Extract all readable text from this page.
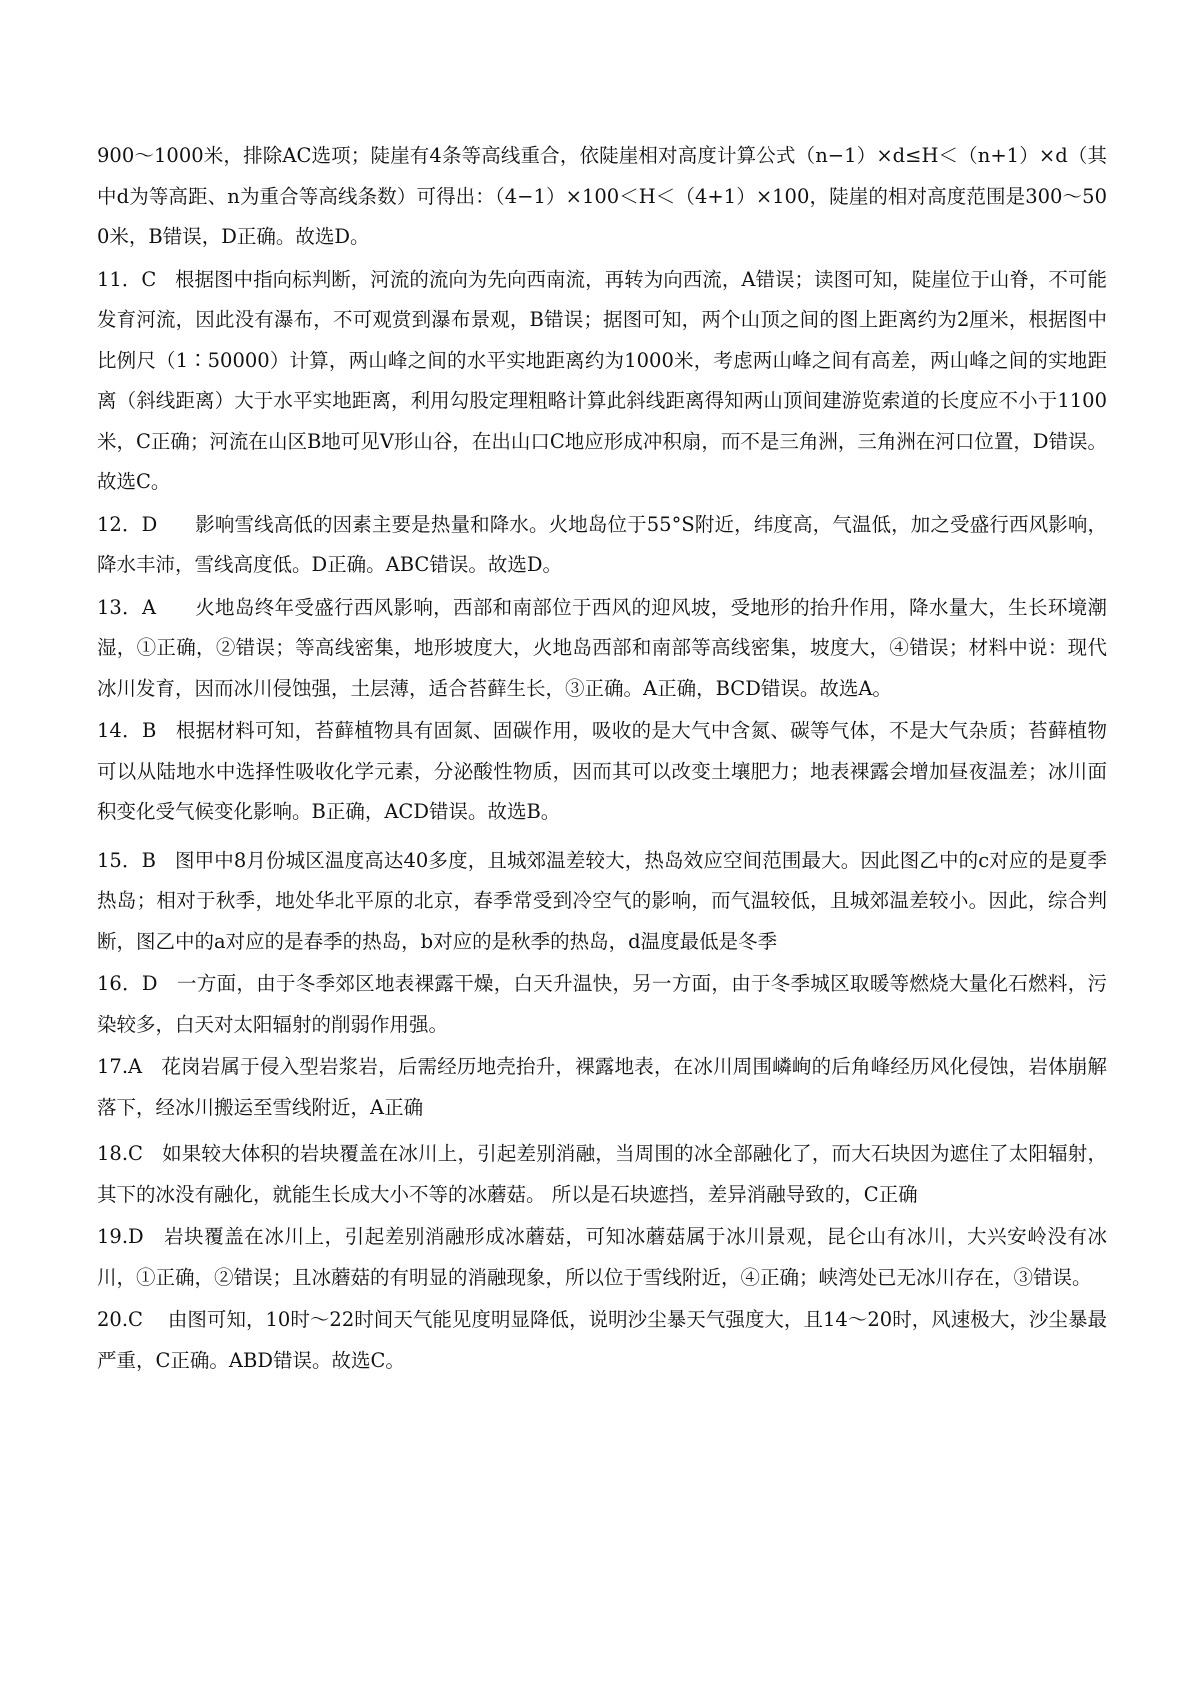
900～1000米，排除AC选项；陡崖有4条等高线重合，依陡崖相对高度计算公式（n−1）×d≤H＜（n+1）×d（其中d为等高距、n为重合等高线条数）可得出：（4−1）×100＜H＜（4+1）×100，陡崖的相对高度范围是300～500米，B错误，D正确。故选D。

11．C 根据图中指向标判断，河流的流向为先向西南流，再转为向西流，A错误；读图可知，陡崖位于山脊，不可能发育河流，因此没有瀑布，不可观赏到瀑布景观，B错误；据图可知，两个山顶之间的图上距离约为2厘米，根据图中比例尺（1∶50000）计算，两山峰之间的水平实地距离约为1000米，考虑两山峰之间有高差，两山峰之间的实地距离（斜线距离）大于水平实地距离，利用勾股定理粗略计算此斜线距离得知两山顶间建游览索道的长度应不小于1100米，C正确；河流在山区B地可见V形山谷，在出山口C地应形成冲积扇，而不是三角洲，三角洲在河口位置，D错误。故选C。

12．D 影响雪线高低的因素主要是热量和降水。火地岛位于55°S附近，纬度高，气温低，加之受盛行西风影响，降水丰沛，雪线高度低。D正确。ABC错误。故选D。

13．A 火地岛终年受盛行西风影响，西部和南部位于西风的迎风坡，受地形的抬升作用，降水量大，生长环境潮湿，①正确，②错误；等高线密集，地形坡度大，火地岛西部和南部等高线密集，坡度大，④错误；材料中说：现代冰川发育，因而冰川侵蚀强，土层薄，适合苔藓生长，③正确。A正确，BCD错误。故选A。

14．B 根据材料可知，苔藓植物具有固氮、固碳作用，吸收的是大气中含氮、碳等气体，不是大气杂质；苔藓植物可以从陆地水中选择性吸收化学元素，分泌酸性物质，因而其可以改变土壤肥力；地表裸露会增加昼夜温差；冰川面积变化受气候变化影响。B正确，ACD错误。故选B。

15．B 图甲中8月份城区温度高达40多度，且城郊温差较大，热岛效应空间范围最大。因此图乙中的c对应的是夏季热岛；相对于秋季，地处华北平原的北京，春季常受到冷空气的影响，而气温较低，且城郊温差较小。因此，综合判断，图乙中的a对应的是春季的热岛，b对应的是秋季的热岛，d温度最低是冬季

16．D 一方面，由于冬季郊区地表裸露干燥，白天升温快，另一方面，由于冬季城区取暖等燃烧大量化石燃料，污染较多，白天对太阳辐射的削弱作用强。

17.A 花岗岩属于侵入型岩浆岩，后需经历地壳抬升，裸露地表，在冰川周围嶙峋的后角峰经历风化侵蚀，岩体崩解落下，经冰川搬运至雪线附近，A正确

18.C 如果较大体积的岩块覆盖在冰川上，引起差别消融，当周围的冰全部融化了，而大石块因为遮住了太阳辐射，其下的冰没有融化，就能生长成大小不等的冰蘑菇。 所以是石块遮挡，差异消融导致的，C正确

19.D 岩块覆盖在冰川上，引起差别消融形成冰蘑菇，可知冰蘑菇属于冰川景观，昆仑山有冰川，大兴安岭没有冰川，①正确，②错误；且冰蘑菇的有明显的消融现象，所以位于雪线附近，④正确；峡湾处已无冰川存在，③错误。

20.C 由图可知，10时～22时间天气能见度明显降低，说明沙尘暴天气强度大，且14～20时，风速极大，沙尘暴最严重，C正确。ABD错误。故选C。
